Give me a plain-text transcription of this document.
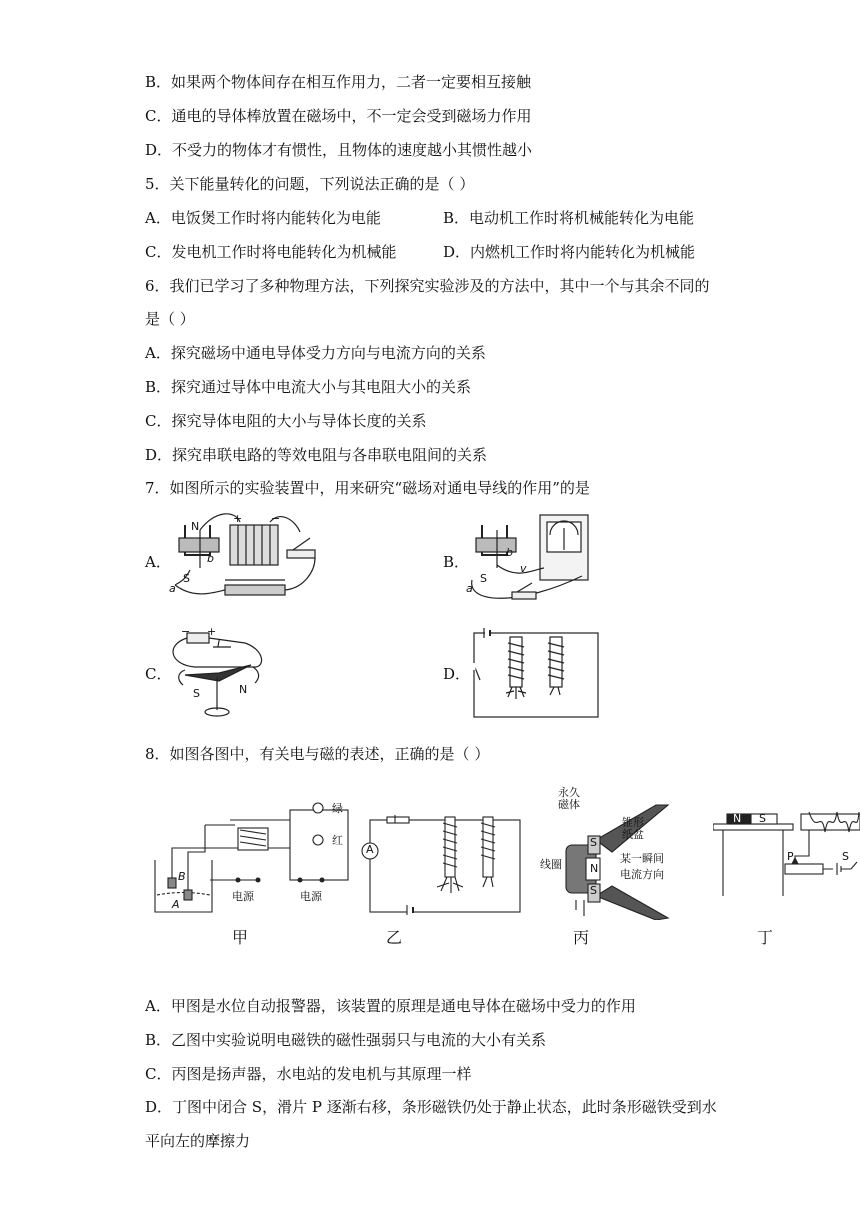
B．如果两个物体间存在相互作用力，二者一定要相互接触
C．通电的导体棒放置在磁场中，不一定会受到磁场力作用
D．不受力的物体才有惯性，且物体的速度越小其惯性越小
5．关下能量转化的问题，下列说法正确的是（ ）
A．电饭煲工作时将内能转化为电能	B．电动机工作时将机械能转化为电能
C．发电机工作时将电能转化为机械能	D．内燃机工作时将内能转化为机械能
6．我们已学习了多种物理方法，下列探究实验涉及的方法中，其中一个与其余不同的
是（ ）
A．探究磁场中通电导体受力方向与电流方向的关系
B．探究通过导体中电流大小与其电阻大小的关系
C．探究导体电阻的大小与导体长度的关系
D．探究串联电路的等效电阻与各串联电阻间的关系
7．如图所示的实验装置中，用来研究“磁场对通电导线的作用”的是
A．
N
S
a
b
+	−
B．
S
a
b
v
C．
I
S	N
− +
D．
8．如图各图中，有关电与磁的表述，正确的是（ ）
绿
红
电源	电源
B
A
甲
A
乙
永久
磁体
锥形
纸盆
线圈	某一瞬间
电流方向
S
N
S
丙
N S
P	S
丁
A．甲图是水位自动报警器，该装置的原理是通电导体在磁场中受力的作用
B．乙图中实验说明电磁铁的磁性强弱只与电流的大小有关系
C．丙图是扬声器，水电站的发电机与其原理一样
D．丁图中闭合 S，滑片 P 逐渐右移，条形磁铁仍处于静止状态，此时条形磁铁受到水
平向左的摩擦力
